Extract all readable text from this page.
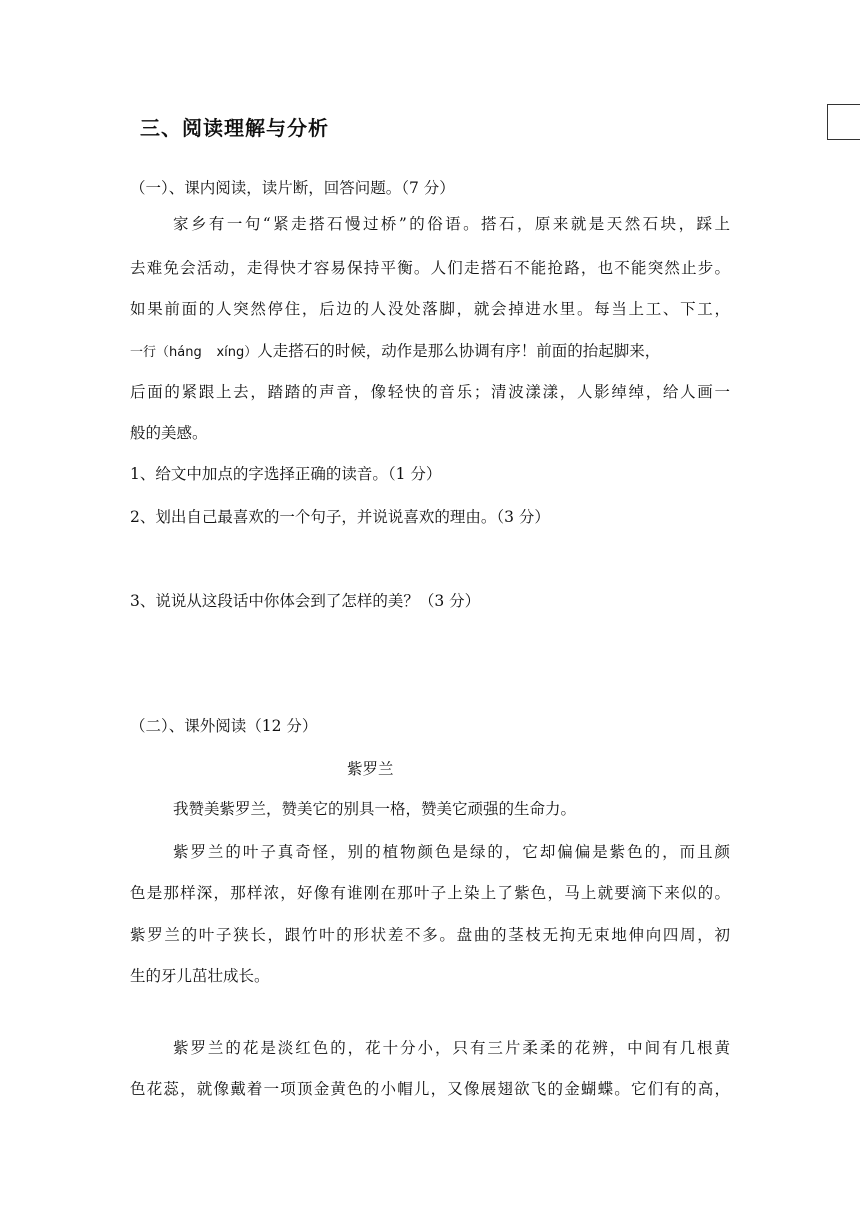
三、阅读理解与分析
（一）、课内阅读，读片断，回答问题。（7 分）
家乡有一句“紧走搭石慢过桥”的俗语。搭石，原来就是天然石块，踩上
去难免会活动，走得快才容易保持平衡。人们走搭石不能抢路，也不能突然止步。
如果前面的人突然停住，后边的人没处落脚，就会掉进水里。每当上工、下工，
一行（háng xíng）人走搭石的时候，动作是那么协调有序！前面的抬起脚来，
后面的紧跟上去，踏踏的声音，像轻快的音乐；清波漾漾，人影绰绰，给人画一
般的美感。
1、给文中加点的字选择正确的读音。（1 分）
2、划出自己最喜欢的一个句子，并说说喜欢的理由。（3 分）
3、说说从这段话中你体会到了怎样的美？（3 分）
（二）、课外阅读（12 分）
紫罗兰
我赞美紫罗兰，赞美它的别具一格，赞美它顽强的生命力。
紫罗兰的叶子真奇怪，别的植物颜色是绿的，它却偏偏是紫色的，而且颜
色是那样深，那样浓，好像有谁刚在那叶子上染上了紫色，马上就要滴下来似的。
紫罗兰的叶子狭长，跟竹叶的形状差不多。盘曲的茎枝无拘无束地伸向四周，初
生的牙儿茁壮成长。
紫罗兰的花是淡红色的，花十分小，只有三片柔柔的花辨，中间有几根黄
色花蕊，就像戴着一项顶金黄色的小帽儿，又像展翅欲飞的金蝴蝶。它们有的高，
